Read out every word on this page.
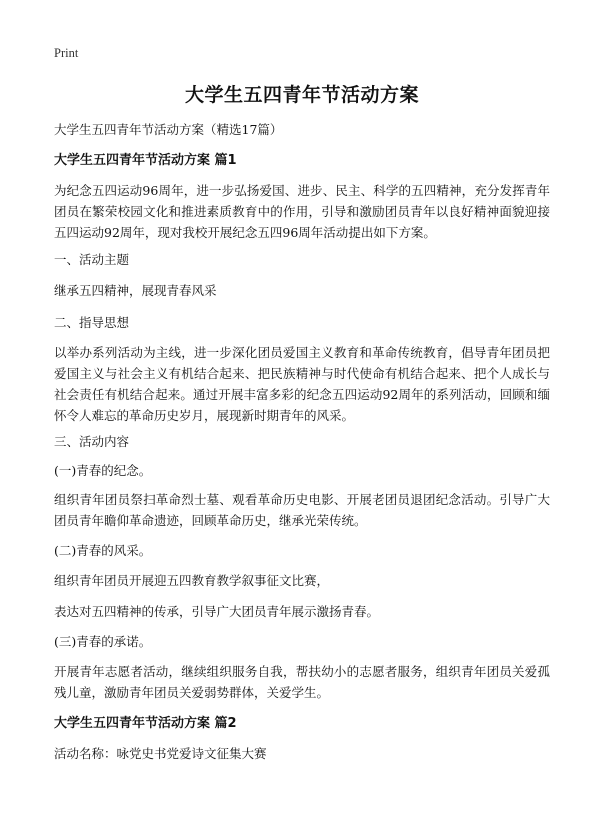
Print
大学生五四青年节活动方案

大学生五四青年节活动方案（精选17篇）

大学生五四青年节活动方案 篇1

为纪念五四运动96周年，进一步弘扬爱国、进步、民主、科学的五四精神，充分发挥青年团员在繁荣校园文化和推进素质教育中的作用，引导和激励团员青年以良好精神面貌迎接五四运动92周年，现对我校开展纪念五四96周年活动提出如下方案。

一、活动主题

继承五四精神，展现青春风采

二、指导思想

以举办系列活动为主线，进一步深化团员爱国主义教育和革命传统教育，倡导青年团员把爱国主义与社会主义有机结合起来、把民族精神与时代使命有机结合起来、把个人成长与社会责任有机结合起来。通过开展丰富多彩的纪念五四运动92周年的系列活动，回顾和缅怀令人难忘的革命历史岁月，展现新时期青年的风采。

三、活动内容

(一)青春的纪念。

组织青年团员祭扫革命烈士墓、观看革命历史电影、开展老团员退团纪念活动。引导广大团员青年瞻仰革命遗迹，回顾革命历史，继承光荣传统。

(二)青春的风采。

组织青年团员开展迎五四教育教学叙事征文比赛，

表达对五四精神的传承，引导广大团员青年展示激扬青春。

(三)青春的承诺。

开展青年志愿者活动，继续组织服务自我，帮扶幼小的志愿者服务，组织青年团员关爱孤残儿童，激励青年团员关爱弱势群体，关爱学生。

大学生五四青年节活动方案 篇2

活动名称：咏党史书党爱诗文征集大赛
